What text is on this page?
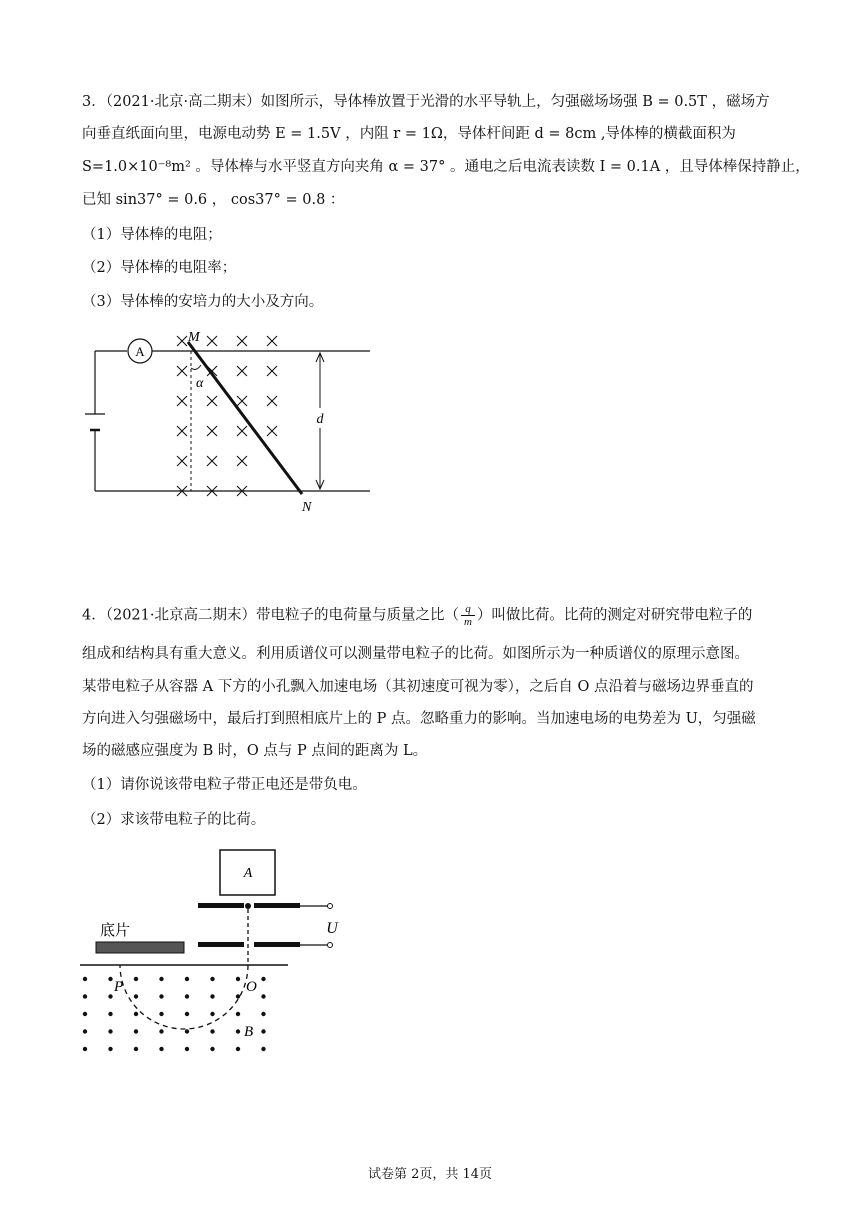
3．（2021·北京·高二期末）如图所示，导体棒放置于光滑的水平导轨上，匀强磁场场强 B = 0.5T ，磁场方
向垂直纸面向里，电源电动势 E = 1.5V ，内阻 r = 1Ω，导体杆间距 d = 8cm ,导体棒的横截面积为
S=1.0×10⁻⁸m² 。导体棒与水平竖直方向夹角 α = 37° 。通电之后电流表读数 I = 0.1A ，且导体棒保持静止，
已知 sin37° = 0.6 ， cos37° = 0.8 ：
（1）导体棒的电阻；
（2）导体棒的电阻率；
（3）导体棒的安培力的大小及方向。
A
M
N
α
d
4．（2021·北京高二期末）带电粒子的电荷量与质量之比（ $\frac{q}{m}$ ）叫做比荷。比荷的测定对研究带电粒子的
组成和结构具有重大意义。利用质谱仪可以测量带电粒子的比荷。如图所示为一种质谱仪的原理示意图。
某带电粒子从容器 A 下方的小孔飘入加速电场（其初速度可视为零），之后自 O 点沿着与磁场边界垂直的
方向进入匀强磁场中，最后打到照相底片上的 P 点。忽略重力的影响。当加速电场的电势差为 U，匀强磁
场的磁感应强度为 B 时，O 点与 P 点间的距离为 L。
（1）请你说该带电粒子带正电还是带负电。
（2）求该带电粒子的比荷。
A
U
底片
P	O
B
试卷第 2页，共 14页
